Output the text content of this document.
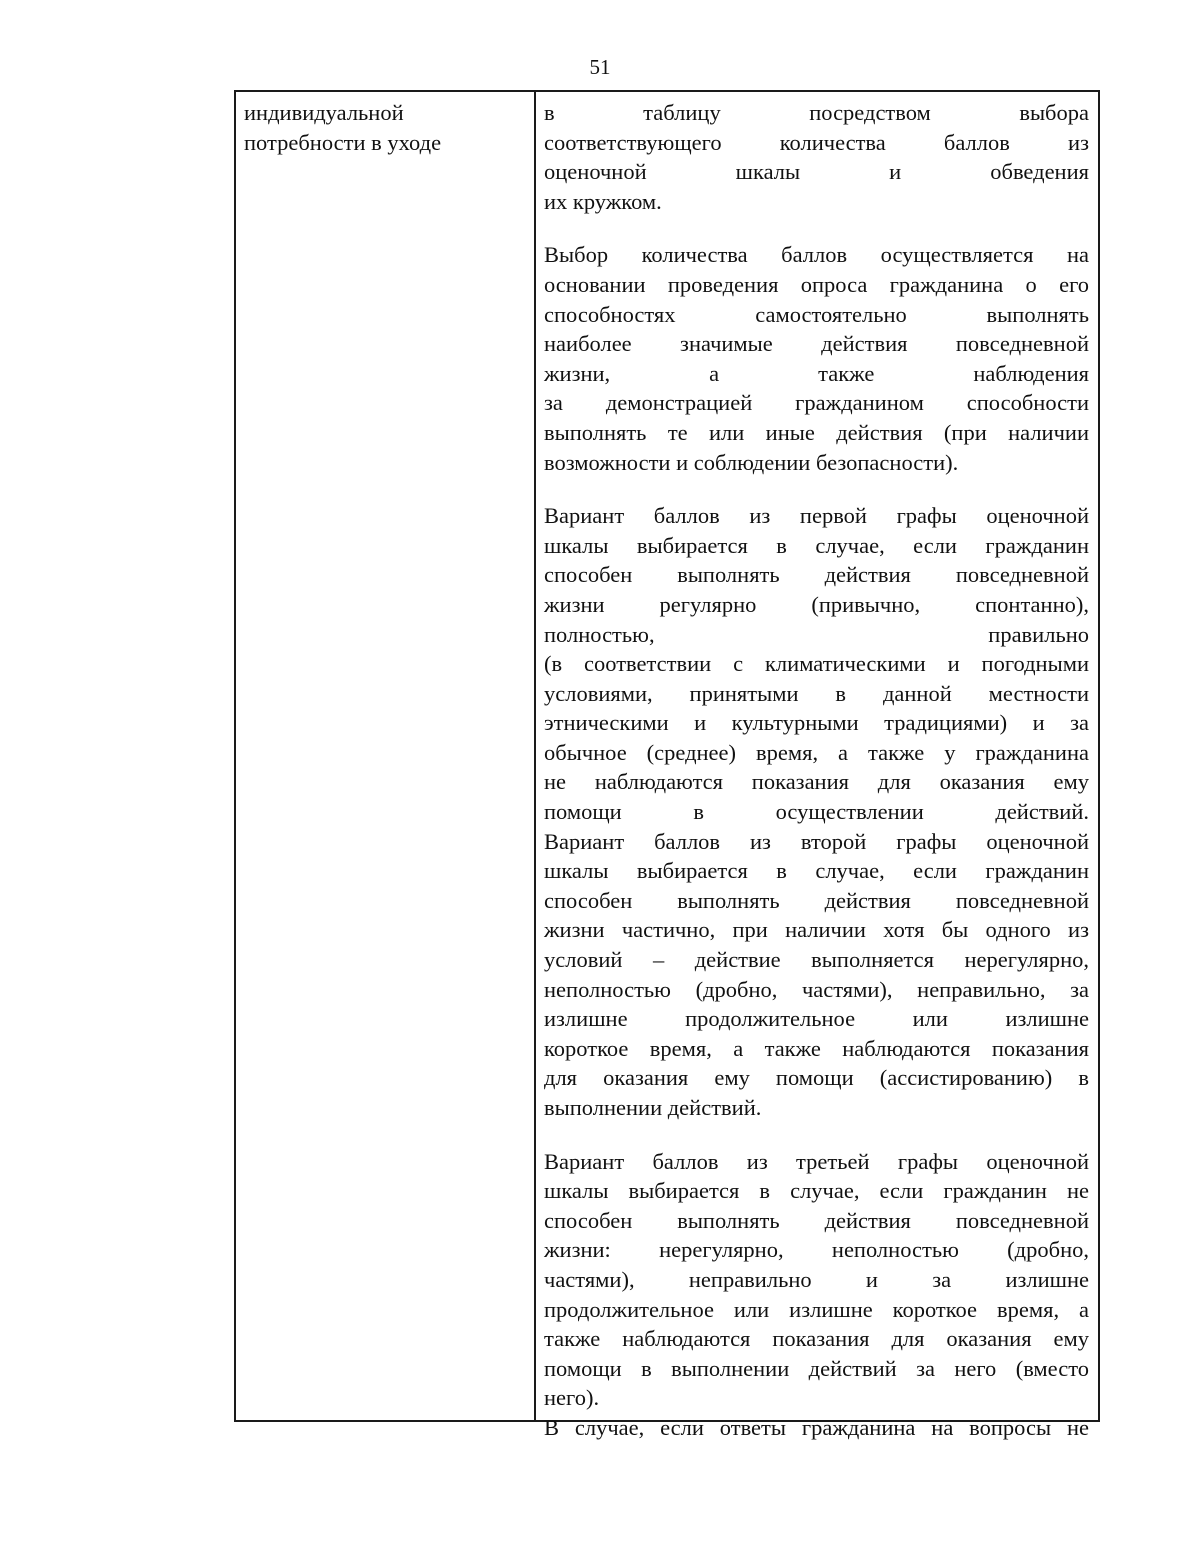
51

индивидуальной
потребности в уходе

в таблицу посредством выбора
соответствующего количества баллов из
оценочной шкалы и обведения
их кружком.

Выбор количества баллов осуществляется на
основании проведения опроса гражданина о его
способностях самостоятельно выполнять
наиболее значимые действия повседневной
жизни, а также наблюдения
за демонстрацией гражданином способности
выполнять те или иные действия (при наличии
возможности и соблюдении безопасности).

Вариант баллов из первой графы оценочной
шкалы выбирается в случае, если гражданин
способен выполнять действия повседневной
жизни регулярно (привычно, спонтанно),
полностью, правильно
(в соответствии с климатическими и погодными
условиями, принятыми в данной местности
этническими и культурными традициями) и за
обычное (среднее) время, а также у гражданина
не наблюдаются показания для оказания ему
помощи в осуществлении действий.
Вариант баллов из второй графы оценочной
шкалы выбирается в случае, если гражданин
способен выполнять действия повседневной
жизни частично, при наличии хотя бы одного из
условий – действие выполняется нерегулярно,
неполностью (дробно, частями), неправильно, за
излишне продолжительное или излишне
короткое время, а также наблюдаются показания
для оказания ему помощи (ассистированию) в
выполнении действий.

Вариант баллов из третьей графы оценочной
шкалы выбирается в случае, если гражданин не
способен выполнять действия повседневной
жизни: нерегулярно, неполностью (дробно,
частями), неправильно и за излишне
продолжительное или излишне короткое время, а
также наблюдаются показания для оказания ему
помощи в выполнении действий за него (вместо
него).
В случае, если ответы гражданина на вопросы не
